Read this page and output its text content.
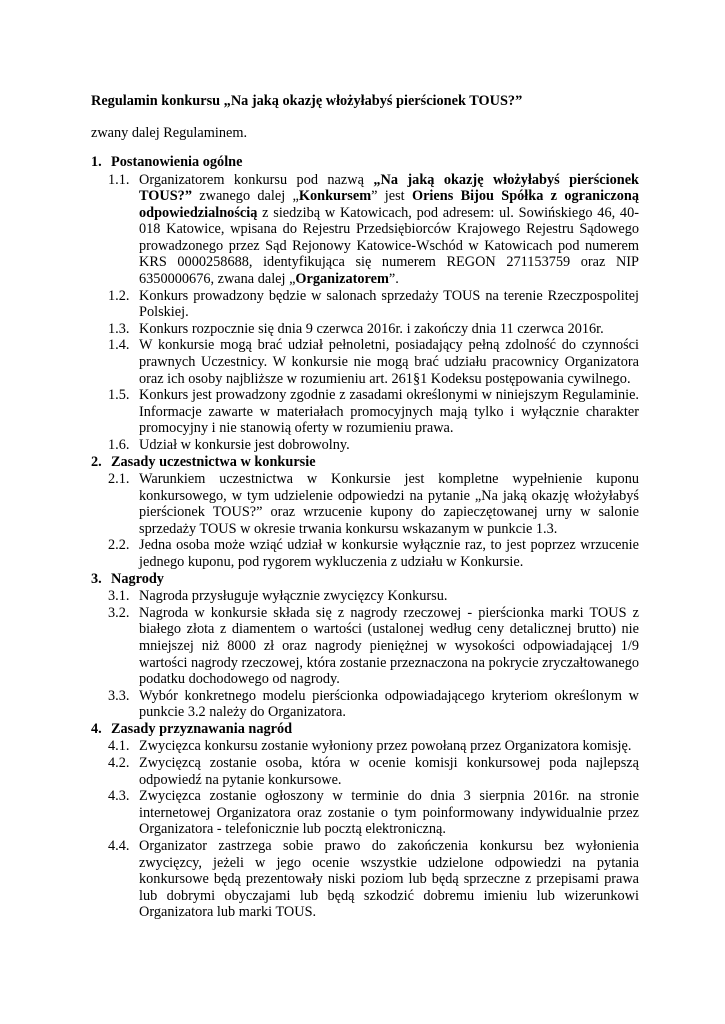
Regulamin konkursu „Na jaką okazję włożyłabyś pierścionek TOUS?”

zwany dalej Regulaminem.

1. Postanowienia ogólne
1.1. Organizatorem konkursu pod nazwą „Na jaką okazję włożyłabyś pierścionek TOUS?” zwanego dalej „Konkursem” jest Oriens Bijou Spółka z ograniczoną odpowiedzialnością z siedzibą w Katowicach, pod adresem: ul. Sowińskiego 46, 40-018 Katowice, wpisana do Rejestru Przedsiębiorców Krajowego Rejestru Sądowego prowadzonego przez Sąd Rejonowy Katowice-Wschód w Katowicach pod numerem KRS 0000258688, identyfikująca się numerem REGON 271153759 oraz NIP 6350000676, zwana dalej „Organizatorem”.
1.2. Konkurs prowadzony będzie w salonach sprzedaży TOUS na terenie Rzeczpospolitej Polskiej.
1.3. Konkurs rozpocznie się dnia 9 czerwca 2016r. i zakończy dnia 11 czerwca 2016r.
1.4. W konkursie mogą brać udział pełnoletni, posiadający pełną zdolność do czynności prawnych Uczestnicy. W konkursie nie mogą brać udziału pracownicy Organizatora oraz ich osoby najbliższe w rozumieniu art. 261§1 Kodeksu postępowania cywilnego.
1.5. Konkurs jest prowadzony zgodnie z zasadami określonymi w niniejszym Regulaminie. Informacje zawarte w materiałach promocyjnych mają tylko i wyłącznie charakter promocyjny i nie stanowią oferty w rozumieniu prawa.
1.6. Udział w konkursie jest dobrowolny.
2. Zasady uczestnictwa w konkursie
2.1. Warunkiem uczestnictwa w Konkursie jest kompletne wypełnienie kuponu konkursowego, w tym udzielenie odpowiedzi na pytanie „Na jaką okazję włożyłabyś pierścionek TOUS?” oraz wrzucenie kupony do zapieczętowanej urny w salonie sprzedaży TOUS w okresie trwania konkursu wskazanym w punkcie 1.3.
2.2. Jedna osoba może wziąć udział w konkursie wyłącznie raz, to jest poprzez wrzucenie jednego kuponu, pod rygorem wykluczenia z udziału w Konkursie.
3. Nagrody
3.1. Nagroda przysługuje wyłącznie zwycięzcy Konkursu.
3.2. Nagroda w konkursie składa się z nagrody rzeczowej - pierścionka marki TOUS z białego złota z diamentem o wartości (ustalonej według ceny detalicznej brutto) nie mniejszej niż 8000 zł oraz nagrody pieniężnej w wysokości odpowiadającej 1/9 wartości nagrody rzeczowej, która zostanie przeznaczona na pokrycie zryczałtowanego podatku dochodowego od nagrody.
3.3. Wybór konkretnego modelu pierścionka odpowiadającego kryteriom określonym w punkcie 3.2 należy do Organizatora.
4. Zasady przyznawania nagród
4.1. Zwycięzca konkursu zostanie wyłoniony przez powołaną przez Organizatora komisję.
4.2. Zwycięzcą zostanie osoba, która w ocenie komisji konkursowej poda najlepszą odpowiedź na pytanie konkursowe.
4.3. Zwycięzca zostanie ogłoszony w terminie do dnia 3 sierpnia 2016r. na stronie internetowej Organizatora oraz zostanie o tym poinformowany indywidualnie przez Organizatora - telefonicznie lub pocztą elektroniczną.
4.4. Organizator zastrzega sobie prawo do zakończenia konkursu bez wyłonienia zwycięzcy, jeżeli w jego ocenie wszystkie udzielone odpowiedzi na pytania konkursowe będą prezentowały niski poziom lub będą sprzeczne z przepisami prawa lub dobrymi obyczajami lub będą szkodzić dobremu imieniu lub wizerunkowi Organizatora lub marki TOUS.
